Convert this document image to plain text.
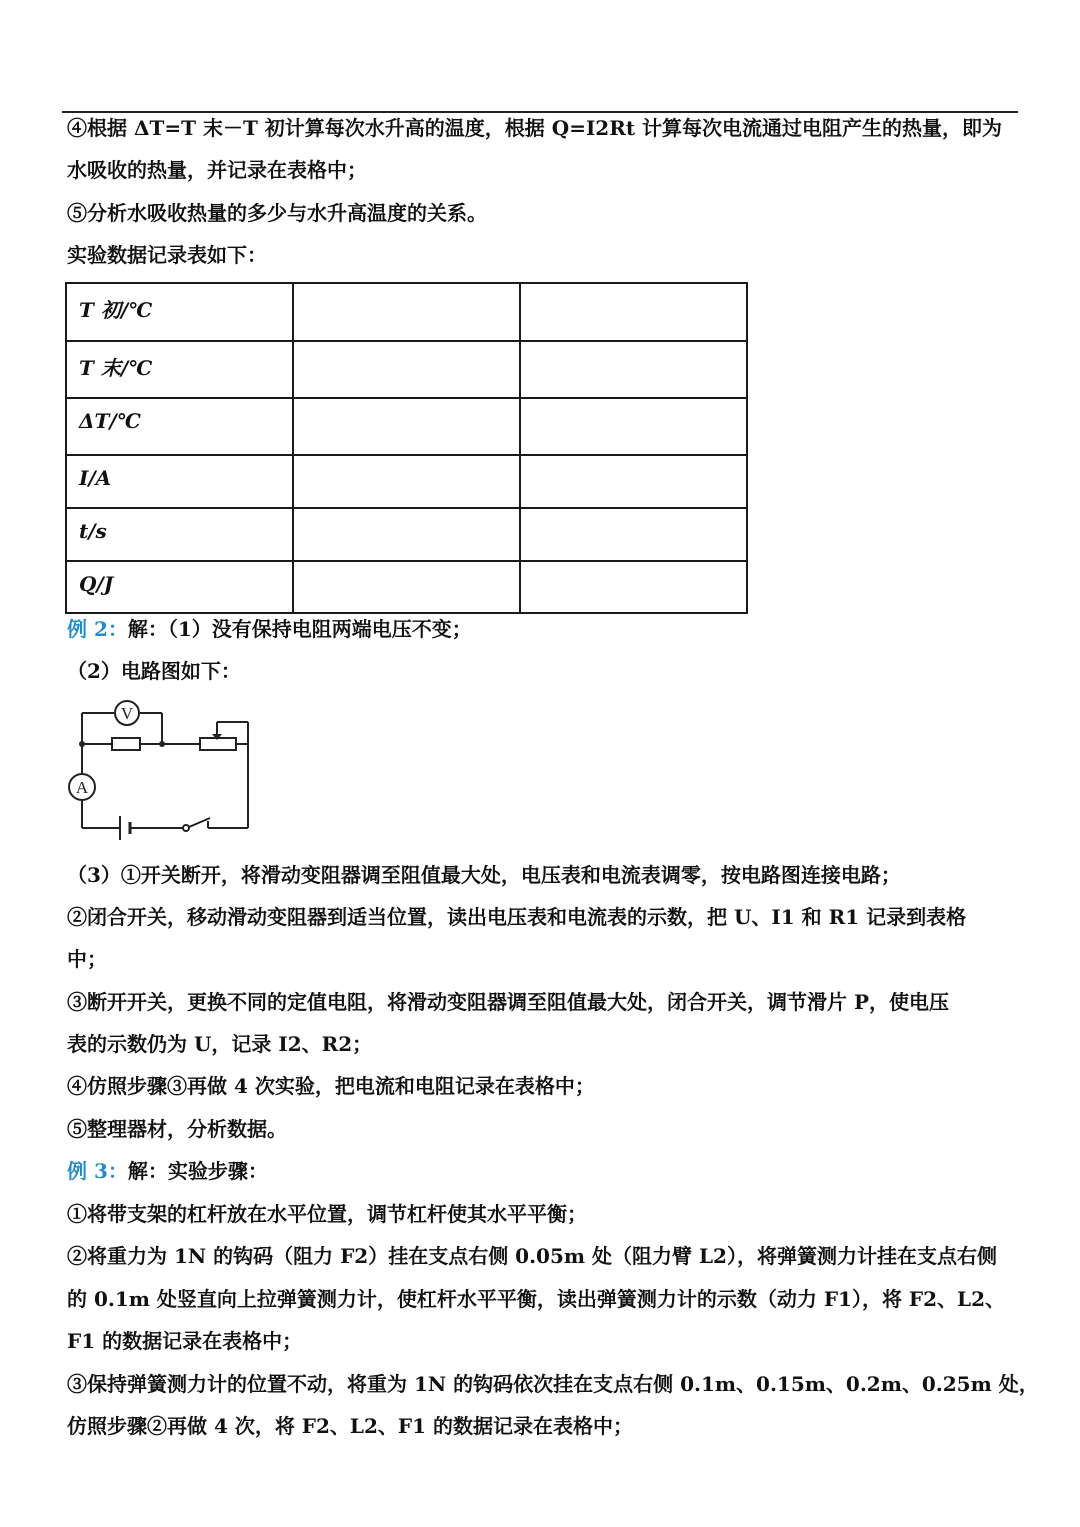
④根据 ΔT=T 末－T 初计算每次水升高的温度，根据 Q=I2Rt 计算每次电流通过电阻产生的热量，即为
水吸收的热量，并记录在表格中；
⑤分析水吸收热量的多少与水升高温度的关系。
实验数据记录表如下：
T 初/℃		
T 末/℃		
ΔT/℃		
I/A		
t/s		
Q/J		
例 2：解：（1）没有保持电阻两端电压不变；
（2）电路图如下：
V
A
（3）①开关断开，将滑动变阻器调至阻值最大处，电压表和电流表调零，按电路图连接电路；
②闭合开关，移动滑动变阻器到适当位置，读出电压表和电流表的示数，把 U、I1 和 R1 记录到表格
中；
③断开开关，更换不同的定值电阻，将滑动变阻器调至阻值最大处，闭合开关，调节滑片 P，使电压
表的示数仍为 U，记录 I2、R2；
④仿照步骤③再做 4 次实验，把电流和电阻记录在表格中；
⑤整理器材，分析数据。
例 3：解：实验步骤：
①将带支架的杠杆放在水平位置，调节杠杆使其水平平衡；
②将重力为 1N 的钩码（阻力 F2）挂在支点右侧 0.05m 处（阻力臂 L2），将弹簧测力计挂在支点右侧
的 0.1m 处竖直向上拉弹簧测力计，使杠杆水平平衡，读出弹簧测力计的示数（动力 F1），将 F2、L2、
F1 的数据记录在表格中；
③保持弹簧测力计的位置不动，将重为 1N 的钩码依次挂在支点右侧 0.1m、0.15m、0.2m、0.25m 处，
仿照步骤②再做 4 次，将 F2、L2、F1 的数据记录在表格中；
